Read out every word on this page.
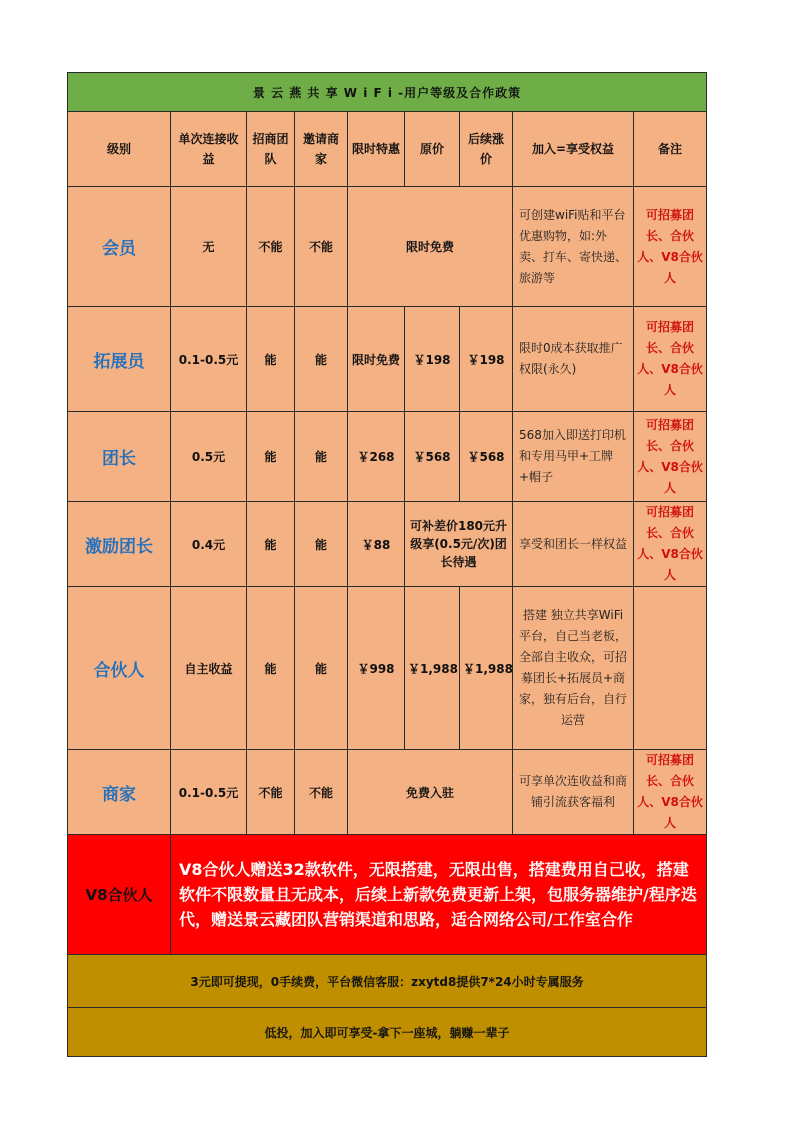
景 云 燕 共 享 W i F i -用户等级及合作政策								
级别	单次连接收益	招商团队	邀请商家	限时特惠	原价	后续涨价	加入=享受权益	备注
会员	无	不能	不能	限时免费			可创建wiFi贴和平台优惠购物，如:外卖、打车、寄快递、旅游等	可招募团长、合伙人、V8合伙人
拓展员	0.1-0.5元	能	能	限时免费	￥198	￥198	限时0成本获取推广权限(永久)	可招募团长、合伙人、V8合伙人
团长	0.5元	能	能	￥268	￥568	￥568	568加入即送打印机和专用马甲+工牌+帽子	可招募团长、合伙人、V8合伙人
激励团长	0.4元	能	能	￥88	可补差价180元升级享(0.5元/次)团长待遇		享受和团长一样权益	可招募团长、合伙人、V8合伙人
合伙人	自主收益	能	能	￥998	￥1,988	￥1,988	搭建 独立共享WiFi平台，自己当老板，全部自主收众，可招募团长+拓展员+商家，独有后台，自行运营	
商家	0.1-0.5元	不能	不能	免费入驻			可享单次连收益和商铺引流获客福利	可招募团长、合伙人、V8合伙人
V8合伙人	V8合伙人赠送32款软件，无限搭建，无限出售，搭建费用自己收，搭建软件不限数量且无成本，后续上新款免费更新上架，包服务器维护/程序迭代，赠送景云藏团队营销渠道和思路，适合网络公司/工作室合作							
3元即可提现，0手续费，平台微信客服：zxytd8提供7*24小时专属服务								
低投，加入即可享受-拿下一座城，躺赚一辈子								
